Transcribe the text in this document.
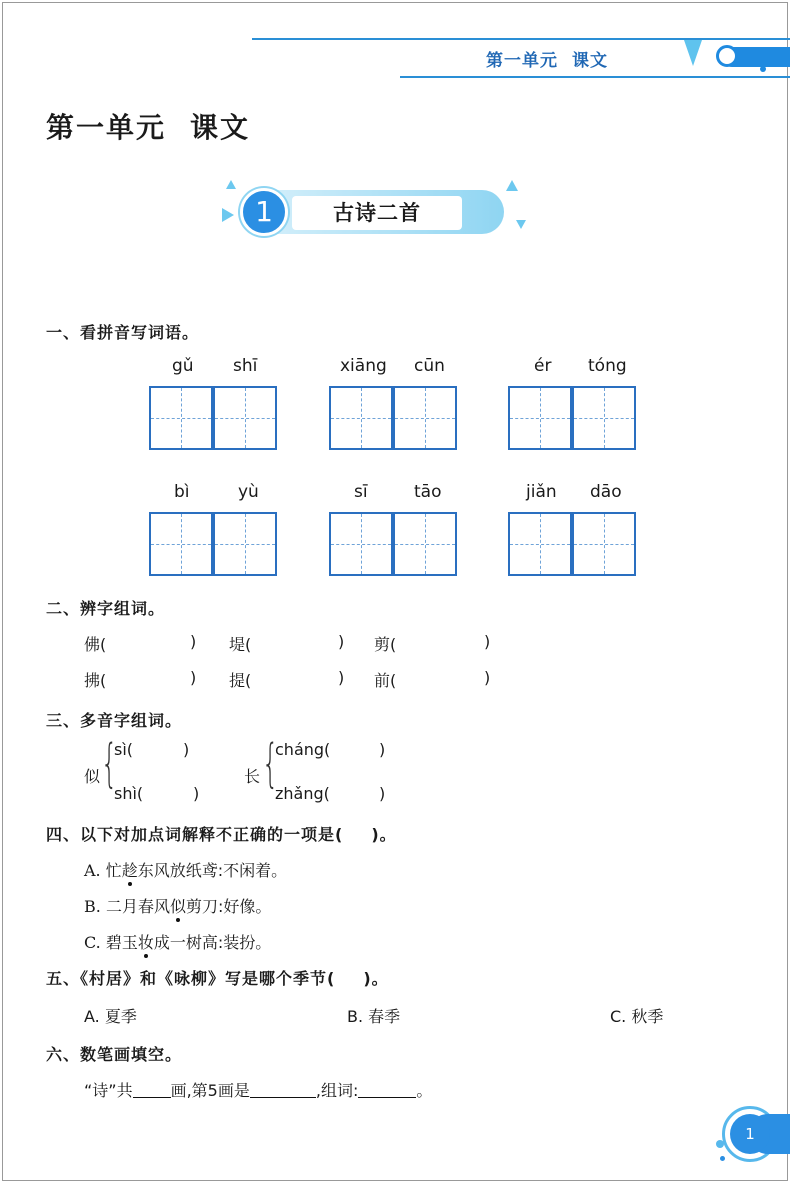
第一单元 课文
第一单元 课文
1	古诗二首
一、看拼音写词语。
gǔ shī	xiāng cūn	ér tóng
bì	yù	sī	tāo	jiǎn dāo
二、辨字组词。
佛(	) 堤(	) 剪(	)
拂(	) 提(	) 前(	)
三、多音字组词。
似 {
sì(	)
shì(	)
长 {
cháng(	)
zhǎng(	)
四、以下对加点词解释不正确的一项是( )。
A. 忙趁东风放纸鸢:不闲着。
B. 二月春风似剪刀:好像。
C. 碧玉妆成一树高:装扮。
五、《村居》和《咏柳》写是哪个季节( )。
A. 夏季	B. 春季	C. 秋季
六、数笔画填空。
“诗”共 画,第5画是	,组词:	。
1
